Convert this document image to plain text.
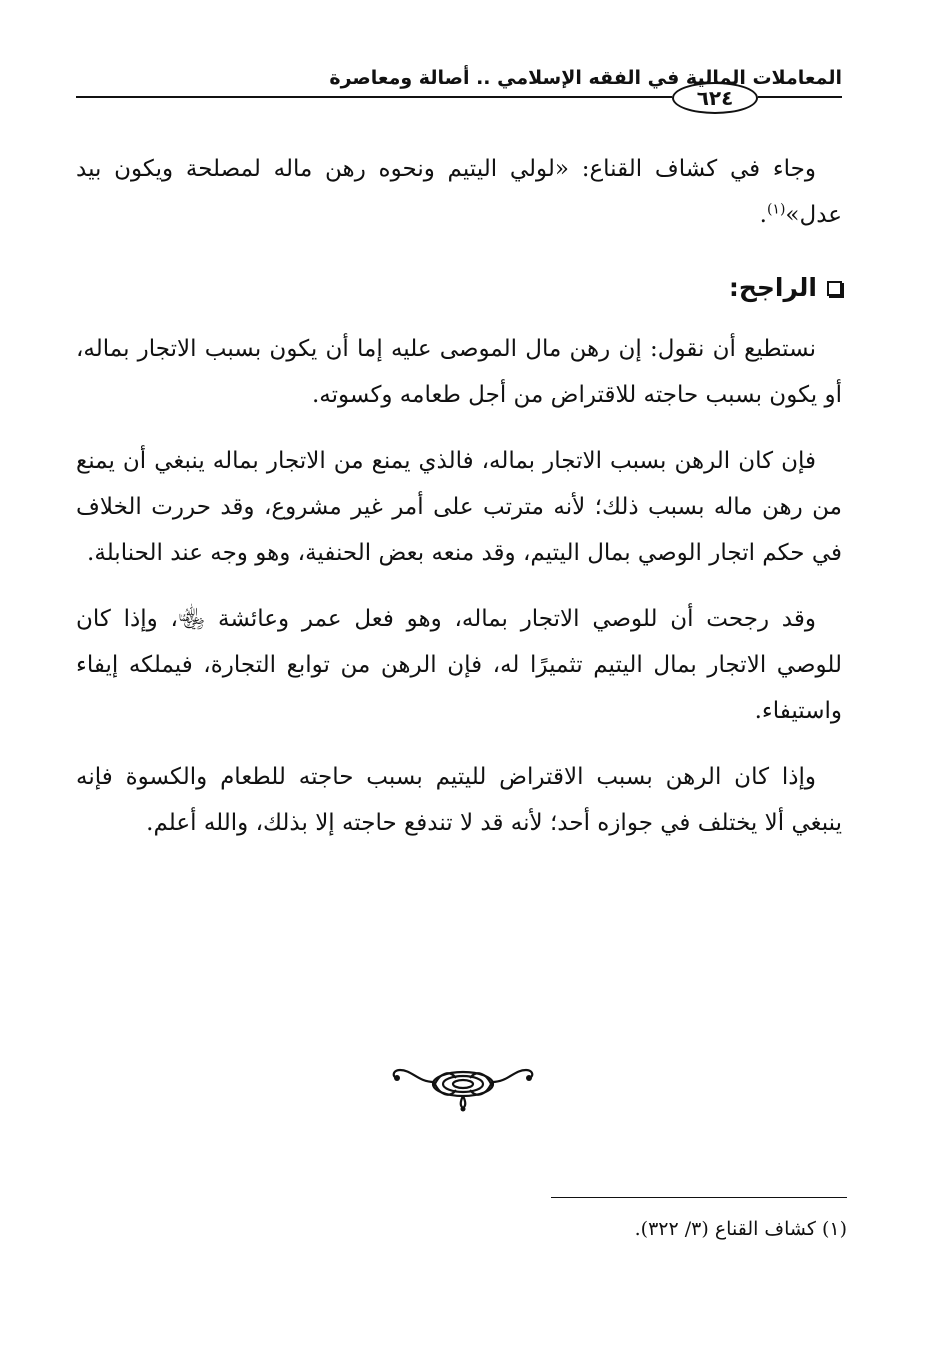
المعاملات المالية في الفقه الإسلامي .. أصالة ومعاصرة
٦٢٤

وجاء في كشاف القناع: «لولي اليتيم ونحوه رهن ماله لمصلحة ويكون بيد عدل»$^{(١)}$.

الراجح:

نستطيع أن نقول: إن رهن مال الموصى عليه إما أن يكون بسبب الاتجار بماله، أو يكون بسبب حاجته للاقتراض من أجل طعامه وكسوته.

فإن كان الرهن بسبب الاتجار بماله، فالذي يمنع من الاتجار بماله ينبغي أن يمنع من رهن ماله بسبب ذلك؛ لأنه مترتب على أمر غير مشروع، وقد حررت الخلاف في حكم اتجار الوصي بمال اليتيم، وقد منعه بعض الحنفية، وهو وجه عند الحنابلة.

وقد رجحت أن للوصي الاتجار بماله، وهو فعل عمر وعائشة ﵄، وإذا كان للوصي الاتجار بمال اليتيم تثميرًا له، فإن الرهن من توابع التجارة، فيملكه إيفاء واستيفاء.

وإذا كان الرهن بسبب الاقتراض لليتيم بسبب حاجته للطعام والكسوة فإنه ينبغي ألا يختلف في جوازه أحد؛ لأنه قد لا تندفع حاجته إلا بذلك، والله أعلم.

(١) كشاف القناع (٣/ ٣٢٢).
